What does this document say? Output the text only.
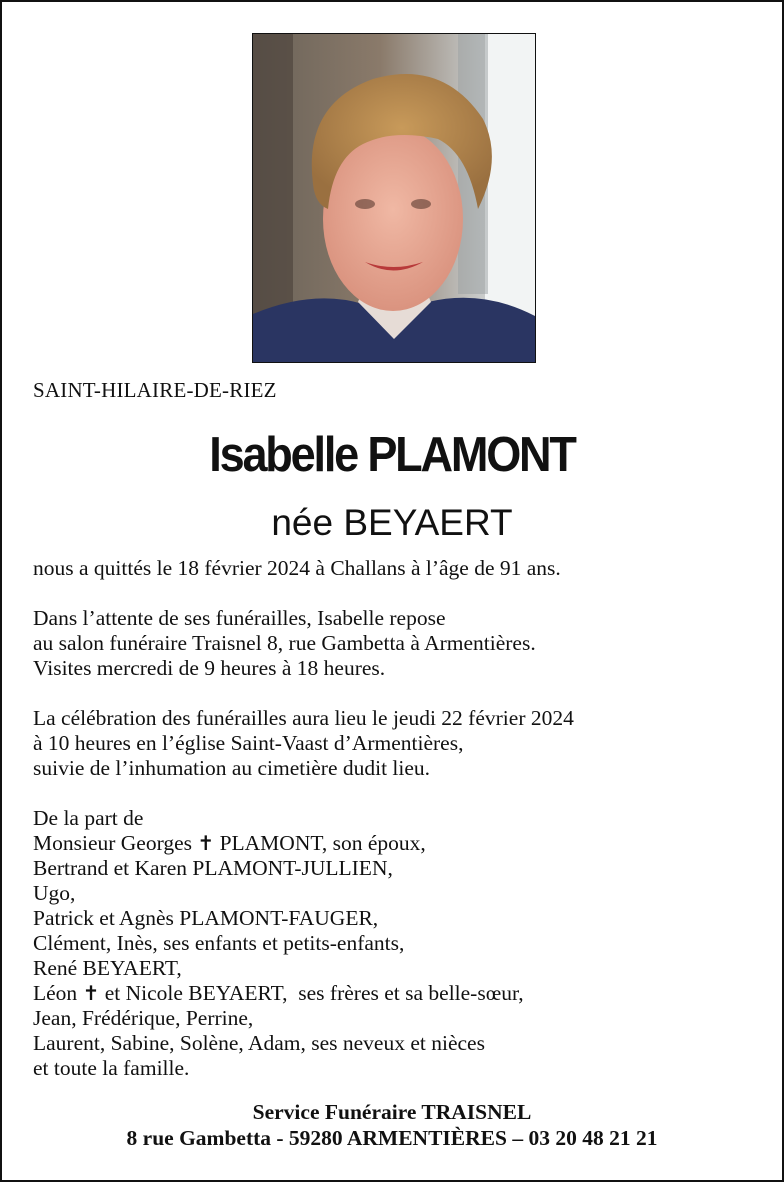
SAINT-HILAIRE-DE-RIEZ
Isabelle PLAMONT
née BEYAERT
nous a quittés le 18 février 2024 à Challans à l’âge de 91 ans.
Dans l’attente de ses funérailles, Isabelle repose
au salon funéraire Traisnel 8, rue Gambetta à Armentières.
Visites mercredi de 9 heures à 18 heures.
La célébration des funérailles aura lieu le jeudi 22 février 2024
à 10 heures en l’église Saint-Vaast d’Armentières,
suivie de l’inhumation au cimetière dudit lieu.
De la part de
Monsieur Georges ✝ PLAMONT, son époux,
Bertrand et Karen PLAMONT-JULLIEN,
Ugo,
Patrick et Agnès PLAMONT-FAUGER,
Clément, Inès, ses enfants et petits-enfants,
René BEYAERT,
Léon ✝ et Nicole BEYAERT,  ses frères et sa belle-sœur,
Jean, Frédérique, Perrine,
Laurent, Sabine, Solène, Adam, ses neveux et nièces
et toute la famille.
Service Funéraire TRAISNEL
8 rue Gambetta - 59280 ARMENTIÈRES – 03 20 48 21 21
